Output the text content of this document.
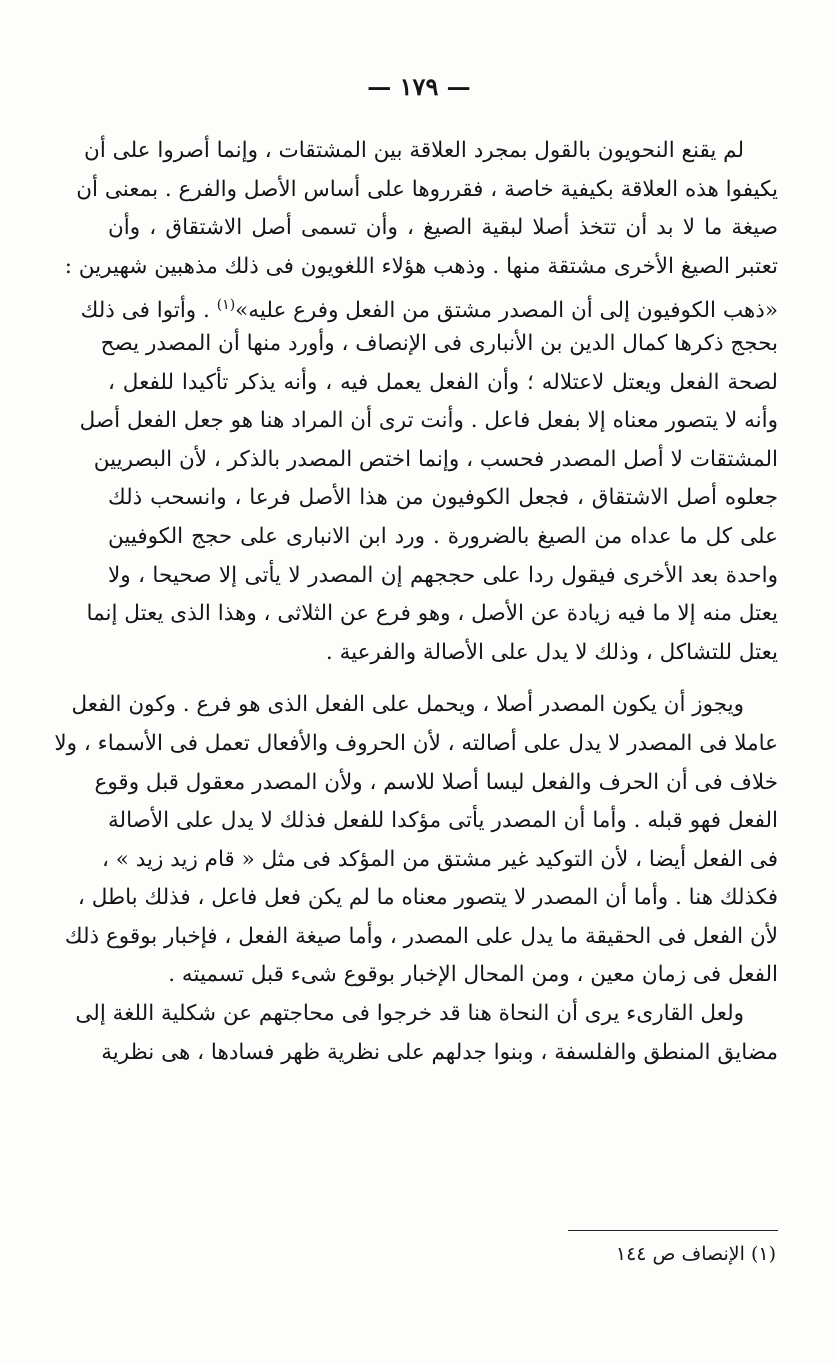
— ١٧٩ —
لم يقنع النحويون بالقول بمجرد العلاقة بين المشتقات ، وإنما أصروا على أن
يكيفوا هذه العلاقة بكيفية خاصة ، فقرروها على أساس الأصل والفرع . بمعنى أن
صيغة ما لا بد أن تتخذ أصلا لبقية الصيغ ، وأن تسمى أصل الاشتقاق ، وأن
تعتبر الصيغ الأخرى مشتقة منها . وذهب هؤلاء اللغويون فى ذلك مذهبين شهيرين :
«ذهب الكوفيون إلى أن المصدر مشتق من الفعل وفرع عليه»$^{(١)}$ . وأتوا فى ذلك
بحجج ذكرها كمال الدين بن الأنبارى فى الإنصاف ، وأورد منها أن المصدر يصح
لصحة الفعل ويعتل لاعتلاله ؛ وأن الفعل يعمل فيه ، وأنه يذكر تأكيدا للفعل ،
وأنه لا يتصور معناه إلا بفعل فاعل . وأنت ترى أن المراد هنا هو جعل الفعل أصل
المشتقات لا أصل المصدر فحسب ، وإنما اختص المصدر بالذكر ، لأن البصريين
جعلوه أصل الاشتقاق ، فجعل الكوفيون من هذا الأصل فرعا ، وانسحب ذلك
على كل ما عداه من الصيغ بالضرورة . ورد ابن الانبارى على حجج الكوفيين
واحدة بعد الأخرى فيقول ردا على حججهم إن المصدر لا يأتى إلا صحيحا ، ولا
يعتل منه إلا ما فيه زيادة عن الأصل ، وهو فرع عن الثلاثى ، وهذا الذى يعتل إنما
يعتل للتشاكل ، وذلك لا يدل على الأصالة والفرعية .
ويجوز أن يكون المصدر أصلا ، ويحمل على الفعل الذى هو فرع . وكون الفعل
عاملا فى المصدر لا يدل على أصالته ، لأن الحروف والأفعال تعمل فى الأسماء ، ولا
خلاف فى أن الحرف والفعل ليسا أصلا للاسم ، ولأن المصدر معقول قبل وقوع
الفعل فهو قبله . وأما أن المصدر يأتى مؤكدا للفعل فذلك لا يدل على الأصالة
فى الفعل أيضا ، لأن التوكيد غير مشتق من المؤكد فى مثل « قام زيد زيد » ،
فكذلك هنا . وأما أن المصدر لا يتصور معناه ما لم يكن فعل فاعل ، فذلك باطل ،
لأن الفعل فى الحقيقة ما يدل على المصدر ، وأما صيغة الفعل ، فإخبار بوقوع ذلك
الفعل فى زمان معين ، ومن المحال الإخبار بوقوع شىء قبل تسميته .
ولعل القارىء يرى أن النحاة هنا قد خرجوا فى محاجتهم عن شكلية اللغة إلى
مضايق المنطق والفلسفة ، وبنوا جدلهم على نظرية ظهر فسادها ، هى نظرية
(١) الإنصاف ص ١٤٤
